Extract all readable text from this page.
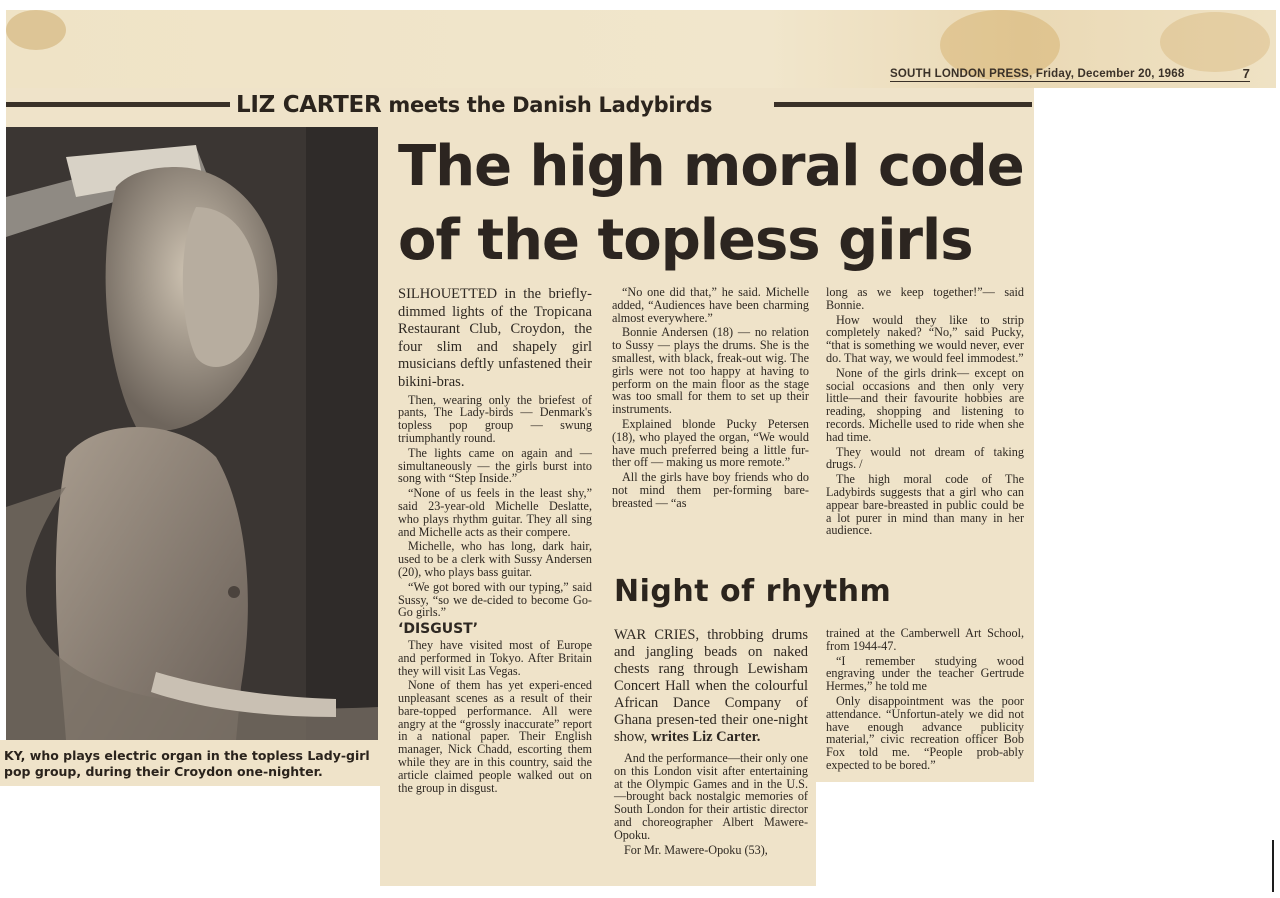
SOUTH LONDON PRESS, Friday, December 20, 1968	7
LIZ CARTER meets the Danish Ladybirds
KY, who plays electric organ in the topless Lady-girl pop group, during their Croydon one-nighter.
The high moral code
of the topless girls

SILHOUETTED in the briefly-dimmed lights of the Tropicana Restaurant Club, Croydon, the four slim and shapely girl musicians deftly unfastened their bikini-bras.

Then, wearing only the briefest of pants, The Lady-birds — Denmark's topless pop group — swung triumphantly round.

The lights came on again and —simultaneously — the girls burst into song with “Step Inside.”

“None of us feels in the least shy,” said 23-year-old Michelle Deslatte, who plays rhythm guitar. They all sing and Michelle acts as their compere.

Michelle, who has long, dark hair, used to be a clerk with Sussy Andersen (20), who plays bass guitar.

“We got bored with our typing,” said Sussy, “so we de-cided to become Go-Go girls.”

‘DISGUST’

They have visited most of Europe and performed in Tokyo. After Britain they will visit Las Vegas.

None of them has yet experi-enced unpleasant scenes as a result of their bare-topped performance. All were angry at the “grossly inaccurate” report in a national paper. Their English manager, Nick Chadd, escorting them while they are in this country, said the article claimed people walked out on the group in disgust.

“No one did that,” he said. Michelle added, “Audiences have been charming almost everywhere.”

Bonnie Andersen (18) — no relation to Sussy — plays the drums. She is the smallest, with black, freak-out wig. The girls were not too happy at having to perform on the main floor as the stage was too small for them to set up their instruments.

Explained blonde Pucky Petersen (18), who played the organ, “We would have much preferred being a little fur-ther off — making us more remote.”

All the girls have boy friends who do not mind them per-forming bare-breasted — “as

long as we keep together!”— said Bonnie.

How would they like to strip completely naked? “No,” said Pucky, “that is something we would never, ever do. That way, we would feel immodest.”

None of the girls drink— except on social occasions and then only very little—and their favourite hobbies are reading, shopping and listening to records. Michelle used to ride when she had time.

They would not dream of taking drugs. /

The high moral code of The Ladybirds suggests that a girl who can appear bare-breasted in public could be a lot purer in mind than many in her audience.

Night of rhythm

WAR CRIES, throbbing drums and jangling beads on naked chests rang through Lewisham Concert Hall when the colourful African Dance Company of Ghana presen-ted their one-night show, writes Liz Carter.

And the performance—their only one on this London visit after entertaining at the Olympic Games and in the U.S.—brought back nostalgic memories of South London for their artistic director and choreographer Albert Mawere-Opoku.

For Mr. Mawere-Opoku (53),

trained at the Camberwell Art School, from 1944-47.

“I remember studying wood engraving under the teacher Gertrude Hermes,” he told me

Only disappointment was the poor attendance. “Unfortun-ately we did not have enough advance publicity material,” civic recreation officer Bob Fox told me. “People prob-ably expected to be bored.”
